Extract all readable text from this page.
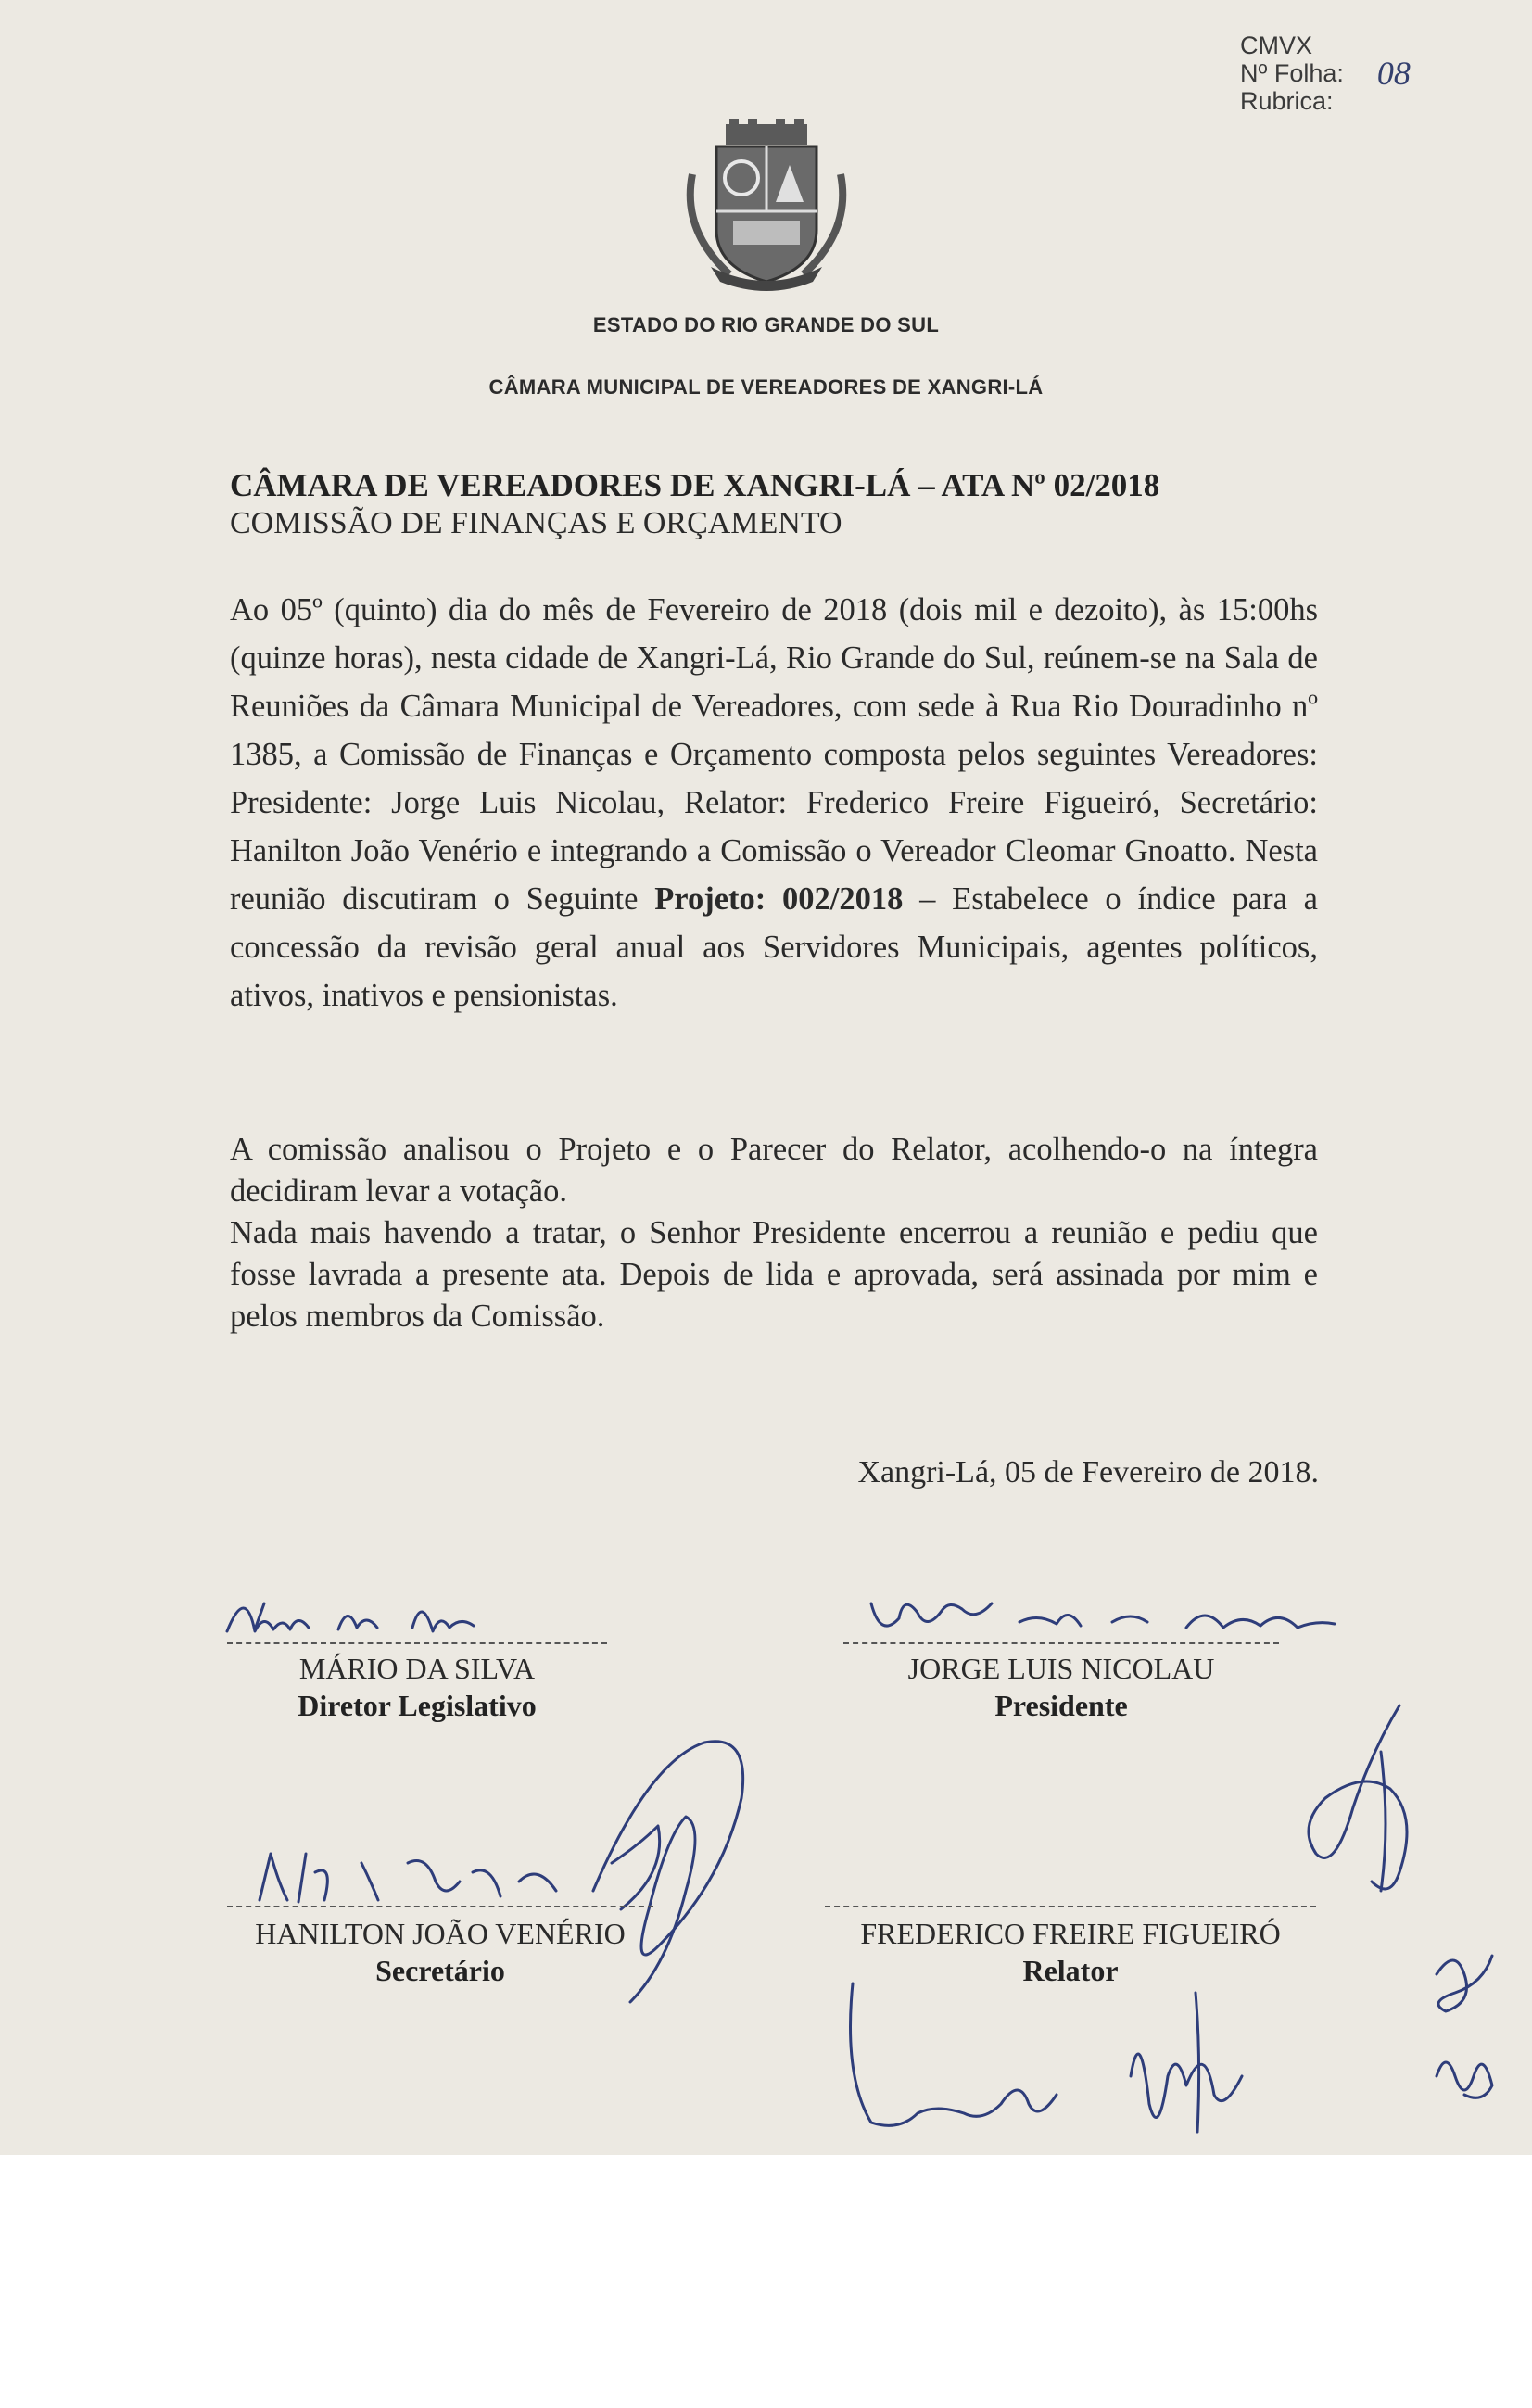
CMVX
Nº Folha: 08
Rubrica:
ESTADO DO RIO GRANDE DO SUL
CÂMARA MUNICIPAL DE VEREADORES DE XANGRI-LÁ
CÂMARA DE VEREADORES DE XANGRI-LÁ – ATA Nº 02/2018
COMISSÃO DE FINANÇAS E ORÇAMENTO
Ao 05º (quinto) dia do mês de Fevereiro de 2018 (dois mil e dezoito), às 15:00hs (quinze horas), nesta cidade de Xangri-Lá, Rio Grande do Sul, reúnem-se na Sala de Reuniões da Câmara Municipal de Vereadores, com sede à Rua Rio Douradinho nº 1385, a Comissão de Finanças e Orçamento composta pelos seguintes Vereadores: Presidente: Jorge Luis Nicolau, Relator: Frederico Freire Figueiró, Secretário: Hanilton João Venério e integrando a Comissão o Vereador Cleomar Gnoatto. Nesta reunião discutiram o Seguinte Projeto: 002/2018 – Estabelece o índice para a concessão da revisão geral anual aos Servidores Municipais, agentes políticos, ativos, inativos e pensionistas.
A comissão analisou o Projeto e o Parecer do Relator, acolhendo-o na íntegra decidiram levar a votação.
Nada mais havendo a tratar, o Senhor Presidente encerrou a reunião e pediu que fosse lavrada a presente ata. Depois de lida e aprovada, será assinada por mim e pelos membros da Comissão.
Xangri-Lá, 05 de Fevereiro de 2018.
MÁRIO DA SILVA
Diretor Legislativo
JORGE LUIS NICOLAU
Presidente
HANILTON JOÃO VENÉRIO
Secretário
FREDERICO FREIRE FIGUEIRÓ
Relator
